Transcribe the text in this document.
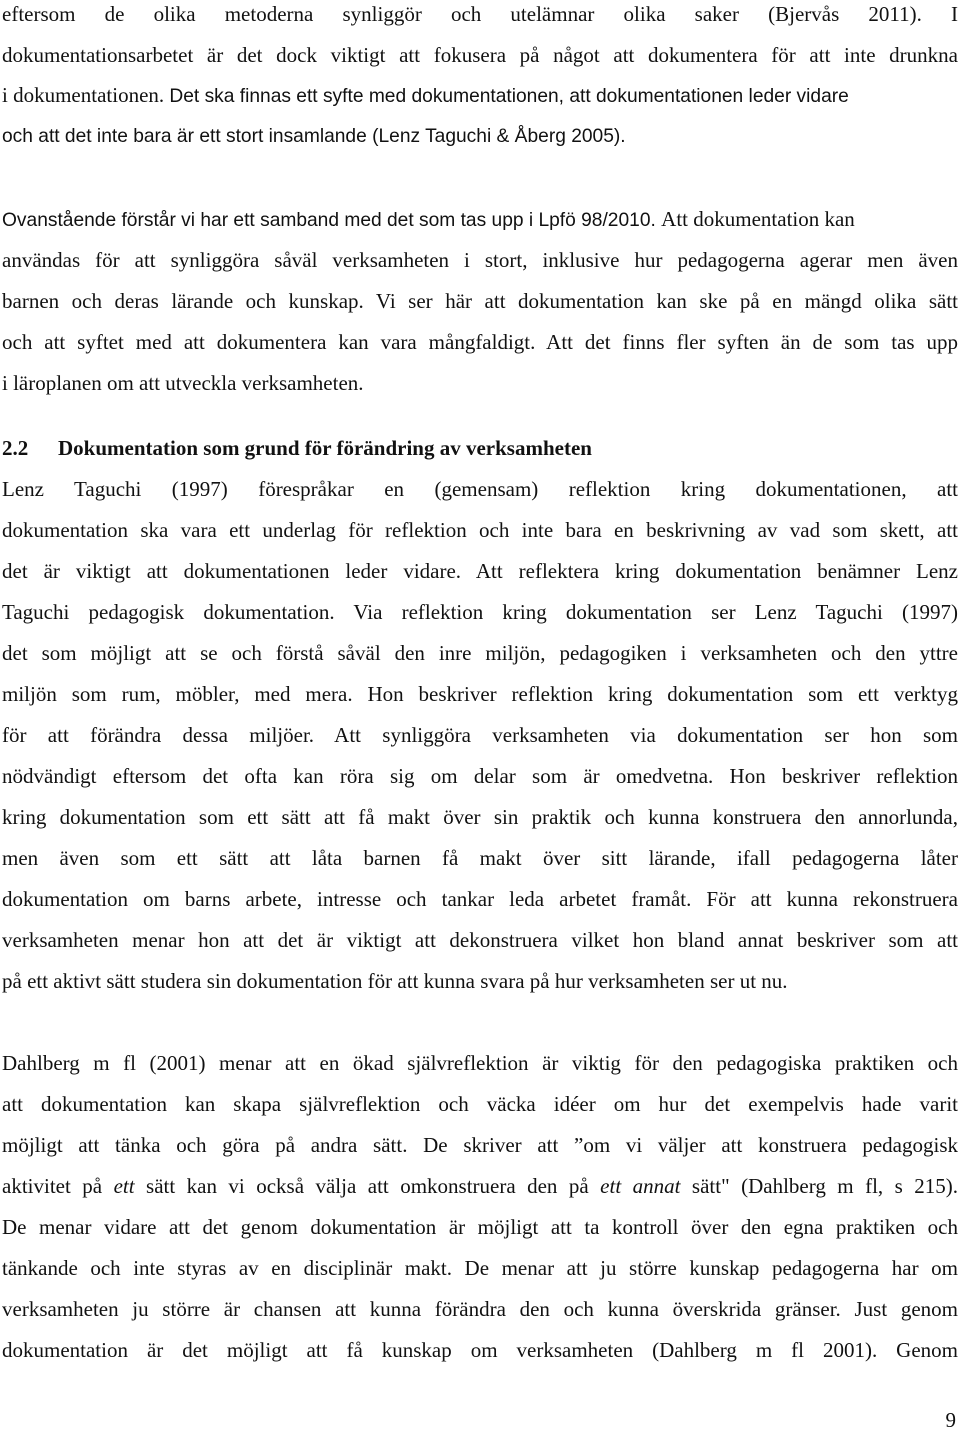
9
eftersom de olika metoderna synliggör och utelämnar olika saker (Bjervås 2011). I
dokumentationsarbetet är det dock viktigt att fokusera på något att dokumentera för att inte drunkna
i dokumentationen. Det ska finnas ett syfte med dokumentationen, att dokumentationen leder vidare
och att det inte bara är ett stort insamlande (Lenz Taguchi & Åberg 2005).
Ovanstående förstår vi har ett samband med det som tas upp i Lpfö 98/2010. Att dokumentation kan
användas för att synliggöra såväl verksamheten i stort, inklusive hur pedagogerna agerar men även
barnen och deras lärande och kunskap. Vi ser här att dokumentation kan ske på en mängd olika sätt
och att syftet med att dokumentera kan vara mångfaldigt. Att det finns fler syften än de som tas upp
i läroplanen om att utveckla verksamheten.
2.2 Dokumentation som grund för förändring av verksamheten
Lenz Taguchi (1997) förespråkar en (gemensam) reflektion kring dokumentationen, att
dokumentation ska vara ett underlag för reflektion och inte bara en beskrivning av vad som skett, att
det är viktigt att dokumentationen leder vidare. Att reflektera kring dokumentation benämner Lenz
Taguchi pedagogisk dokumentation. Via reflektion kring dokumentation ser Lenz Taguchi (1997)
det som möjligt att se och förstå såväl den inre miljön, pedagogiken i verksamheten och den yttre
miljön som rum, möbler, med mera. Hon beskriver reflektion kring dokumentation som ett verktyg
för att förändra dessa miljöer. Att synliggöra verksamheten via dokumentation ser hon som
nödvändigt eftersom det ofta kan röra sig om delar som är omedvetna. Hon beskriver reflektion
kring dokumentation som ett sätt att få makt över sin praktik och kunna konstruera den annorlunda,
men även som ett sätt att låta barnen få makt över sitt lärande, ifall pedagogerna låter
dokumentation om barns arbete, intresse och tankar leda arbetet framåt. För att kunna rekonstruera
verksamheten menar hon att det är viktigt att dekonstruera vilket hon bland annat beskriver som att
på ett aktivt sätt studera sin dokumentation för att kunna svara på hur verksamheten ser ut nu.
Dahlberg m fl (2001) menar att en ökad självreflektion är viktig för den pedagogiska praktiken och
att dokumentation kan skapa självreflektion och väcka idéer om hur det exempelvis hade varit
möjligt att tänka och göra på andra sätt. De skriver att ”om vi väljer att konstruera pedagogisk
aktivitet på ett sätt kan vi också välja att omkonstruera den på ett annat sätt" (Dahlberg m fl, s 215).
De menar vidare att det genom dokumentation är möjligt att ta kontroll över den egna praktiken och
tänkande och inte styras av en disciplinär makt. De menar att ju större kunskap pedagogerna har om
verksamheten ju större är chansen att kunna förändra den och kunna överskrida gränser. Just genom
dokumentation är det möjligt att få kunskap om verksamheten (Dahlberg m fl 2001). Genom
